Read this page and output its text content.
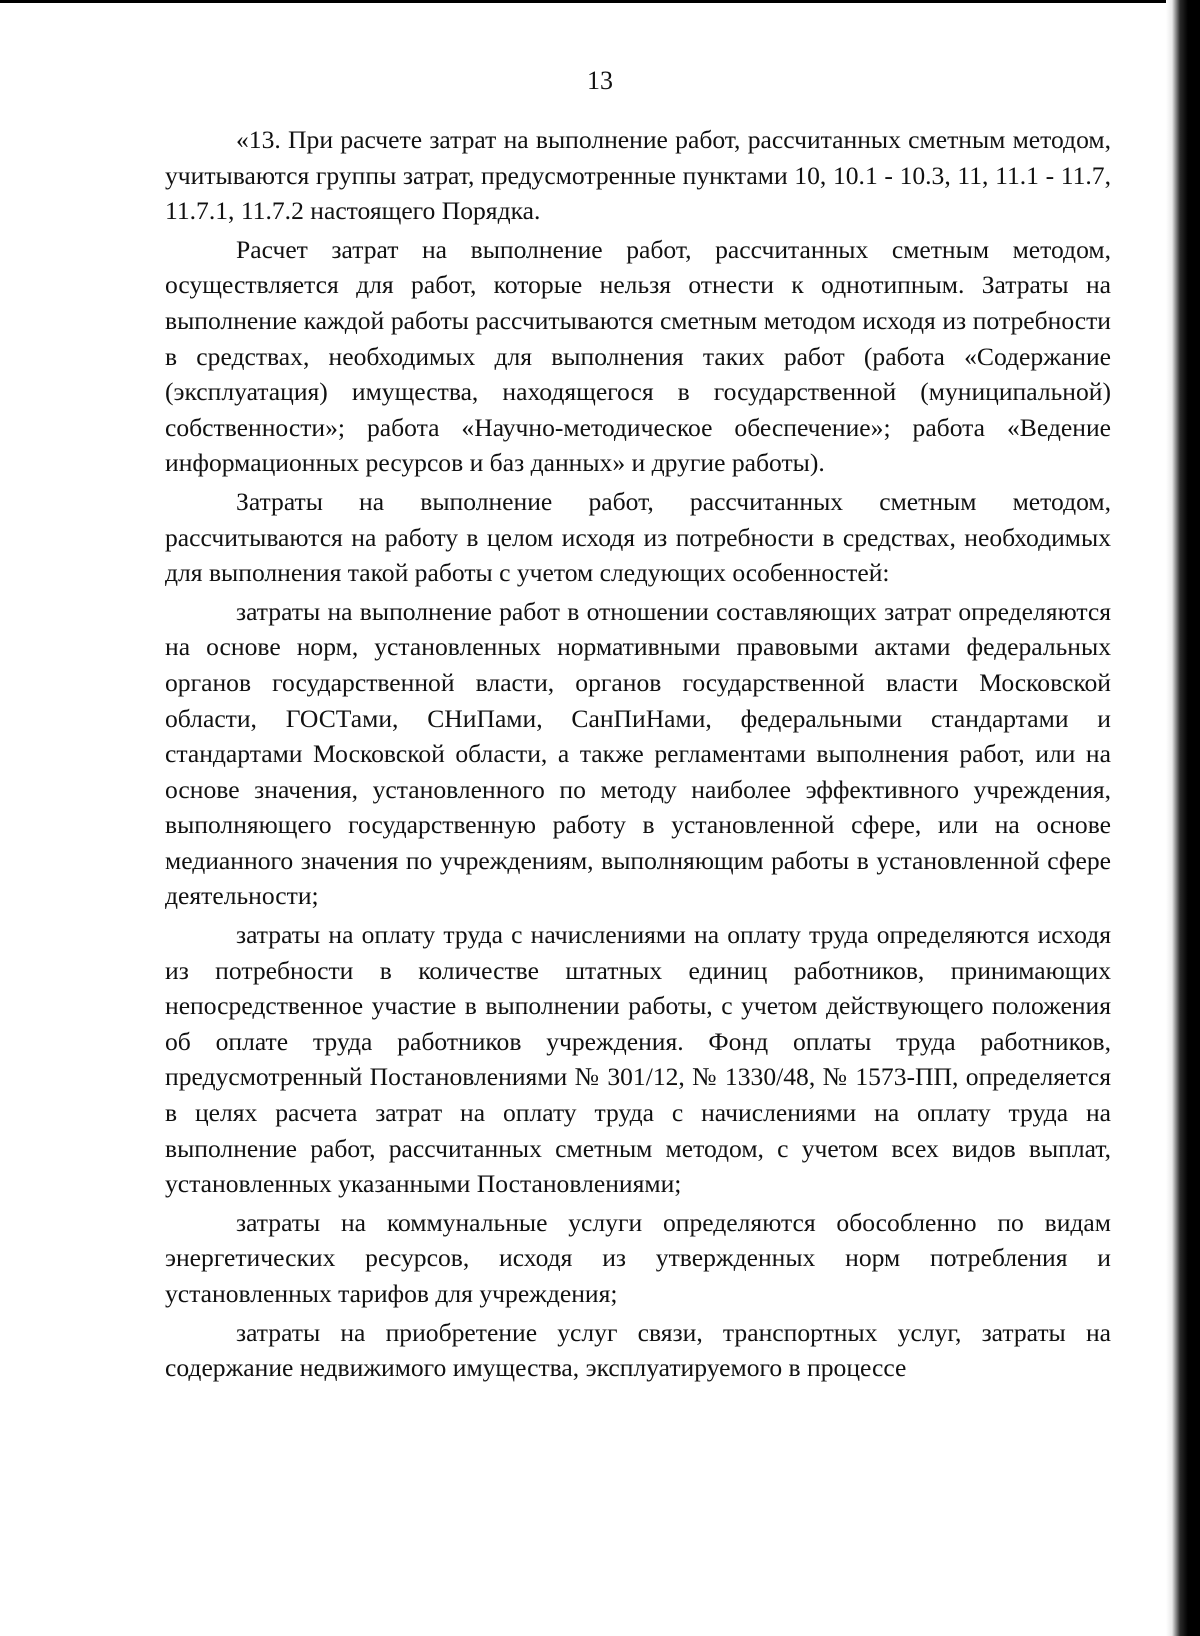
13

«13. При расчете затрат на выполнение работ, рассчитанных сметным методом, учитываются группы затрат, предусмотренные пунктами 10, 10.1 - 10.3, 11, 11.1 - 11.7, 11.7.1, 11.7.2 настоящего Порядка.

Расчет затрат на выполнение работ, рассчитанных сметным методом, осуществляется для работ, которые нельзя отнести к однотипным. Затраты на выполнение каждой работы рассчитываются сметным методом исходя из потребности в средствах, необходимых для выполнения таких работ (работа «Содержание (эксплуатация) имущества, находящегося в государственной (муниципальной) собственности»; работа «Научно-методическое обеспечение»; работа «Ведение информационных ресурсов и баз данных» и другие работы).

Затраты на выполнение работ, рассчитанных сметным методом, рассчитываются на работу в целом исходя из потребности в средствах, необходимых для выполнения такой работы с учетом следующих особенностей:

затраты на выполнение работ в отношении составляющих затрат определяются на основе норм, установленных нормативными правовыми актами федеральных органов государственной власти, органов государственной власти Московской области, ГОСТами, СНиПами, СанПиНами, федеральными стандартами и стандартами Московской области, а также регламентами выполнения работ, или на основе значения, установленного по методу наиболее эффективного учреждения, выполняющего государственную работу в установленной сфере, или на основе медианного значения по учреждениям, выполняющим работы в установленной сфере деятельности;

затраты на оплату труда с начислениями на оплату труда определяются исходя из потребности в количестве штатных единиц работников, принимающих непосредственное участие в выполнении работы, с учетом действующего положения об оплате труда работников учреждения. Фонд оплаты труда работников, предусмотренный Постановлениями № 301/12, № 1330/48, № 1573-ПП, определяется в целях расчета затрат на оплату труда с начислениями на оплату труда на выполнение работ, рассчитанных сметным методом, с учетом всех видов выплат, установленных указанными Постановлениями;

затраты на коммунальные услуги определяются обособленно по видам энергетических ресурсов, исходя из утвержденных норм потребления и установленных тарифов для учреждения;

затраты на приобретение услуг связи, транспортных услуг, затраты на содержание недвижимого имущества, эксплуатируемого в процессе
